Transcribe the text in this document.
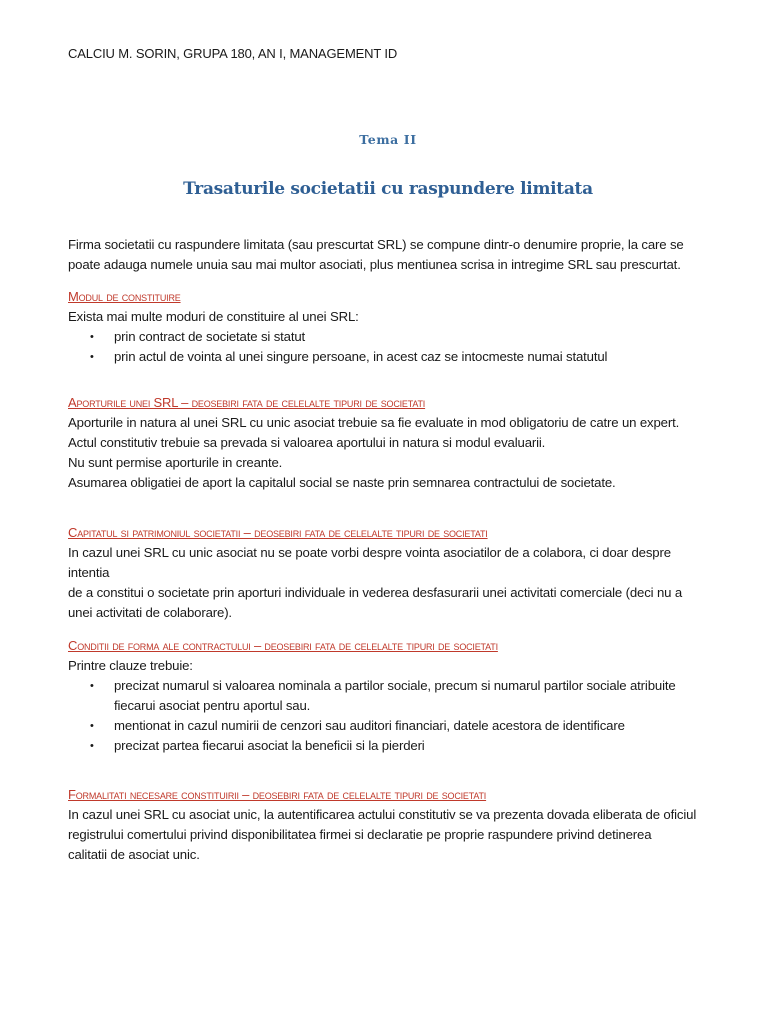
CALCIU M. SORIN, GRUPA 180, AN I, MANAGEMENT ID

Tema II

Trasaturile societatii cu raspundere limitata

Firma societatii cu raspundere limitata (sau prescurtat SRL) se compune dintr-o denumire proprie, la care se

poate adauga numele unuia sau mai multor asociati, plus mentiunea scrisa in intregime SRL sau prescurtat.

Modul de constituire

Exista mai multe moduri de constituire al unei SRL:

• prin contract de societate si statut
• prin actul de vointa al unei singure persoane, in acest caz se intocmeste numai statutul

Aporturile unei SRL – deosebiri fata de celelalte tipuri de societati

Aporturile in natura al unei SRL cu unic asociat trebuie sa fie evaluate in mod obligatoriu de catre un expert.

Actul constitutiv trebuie sa prevada si valoarea aportului in natura si modul evaluarii.

Nu sunt permise aporturile in creante.

Asumarea obligatiei de aport la capitalul social se naste prin semnarea contractului de societate.

Capitatul si patrimoniul societatii – deosebiri fata de celelalte tipuri de societati

In cazul unei SRL cu unic asociat nu se poate vorbi despre vointa asociatilor de a colabora, ci doar despre intentia

de a constitui o societate prin aporturi individuale in vederea desfasurarii unei activitati comerciale (deci nu a

unei activitati de colaborare).

Conditii de forma ale contractului – deosebiri fata de celelalte tipuri de societati

Printre clauze trebuie:

• precizat numarul si valoarea nominala a partilor sociale, precum si numarul partilor sociale atribuite
fiecarui asociat pentru aportul sau.
• mentionat in cazul numirii de cenzori sau auditori financiari, datele acestora de identificare
• precizat partea fiecarui asociat la beneficii si la pierderi

Formalitati necesare constituirii – deosebiri fata de celelalte tipuri de societati

In cazul unei SRL cu asociat unic, la autentificarea actului constitutiv se va prezenta dovada eliberata de oficiul

registrului comertului privind disponibilitatea firmei si declaratie pe proprie raspundere privind detinerea

calitatii de asociat unic.
